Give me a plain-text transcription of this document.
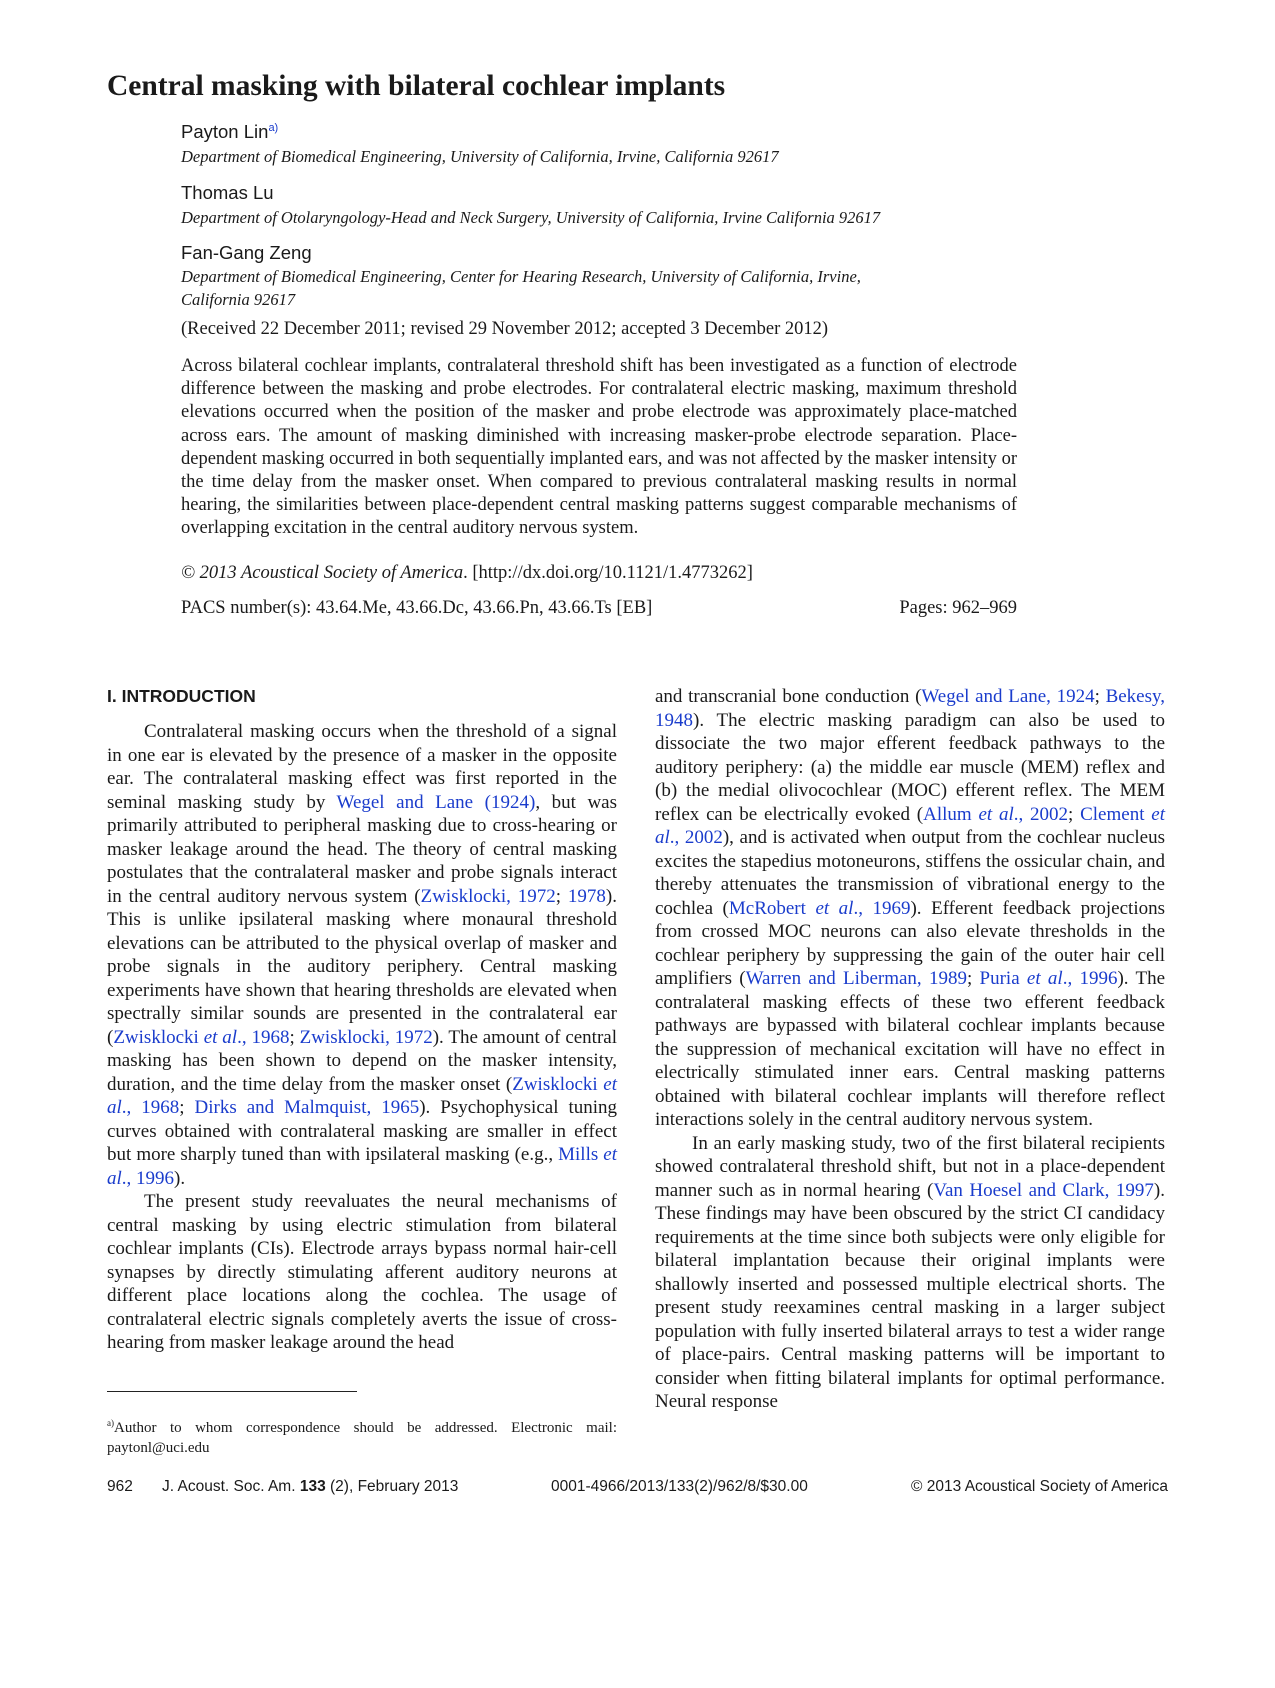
Central masking with bilateral cochlear implants
Payton Lin$^{a)}$
Department of Biomedical Engineering, University of California, Irvine, California 92617
Thomas Lu
Department of Otolaryngology-Head and Neck Surgery, University of California, Irvine California 92617
Fan-Gang Zeng
Department of Biomedical Engineering, Center for Hearing Research, University of California, Irvine, California 92617
(Received 22 December 2011; revised 29 November 2012; accepted 3 December 2012)
Across bilateral cochlear implants, contralateral threshold shift has been investigated as a function of electrode difference between the masking and probe electrodes. For contralateral electric masking, maximum threshold elevations occurred when the position of the masker and probe electrode was approximately place-matched across ears. The amount of masking diminished with increasing masker-probe electrode separation. Place-dependent masking occurred in both sequentially implanted ears, and was not affected by the masker intensity or the time delay from the masker onset. When compared to previous contralateral masking results in normal hearing, the similarities between place-dependent central masking patterns suggest comparable mechanisms of overlapping excitation in the central auditory nervous system.
© 2013 Acoustical Society of America. [http://dx.doi.org/10.1121/1.4773262]
PACS number(s): 43.64.Me, 43.66.Dc, 43.66.Pn, 43.66.Ts [EB]	Pages: 962–969
I. INTRODUCTION

Contralateral masking occurs when the threshold of a signal in one ear is elevated by the presence of a masker in the opposite ear. The contralateral masking effect was first reported in the seminal masking study by Wegel and Lane (1924), but was primarily attributed to peripheral masking due to cross-hearing or masker leakage around the head. The theory of central masking postulates that the contralateral masker and probe signals interact in the central auditory nervous system (Zwisklocki, 1972; 1978). This is unlike ipsilateral masking where monaural threshold elevations can be attributed to the physical overlap of masker and probe signals in the auditory periphery. Central masking experiments have shown that hearing thresholds are elevated when spectrally similar sounds are presented in the contralateral ear (Zwisklocki et al., 1968; Zwisklocki, 1972). The amount of central masking has been shown to depend on the masker intensity, duration, and the time delay from the masker onset (Zwisklocki et al., 1968; Dirks and Malmquist, 1965). Psychophysical tuning curves obtained with contralateral masking are smaller in effect but more sharply tuned than with ipsilateral masking (e.g., Mills et al., 1996).

The present study reevaluates the neural mechanisms of central masking by using electric stimulation from bilateral cochlear implants (CIs). Electrode arrays bypass normal hair-cell synapses by directly stimulating afferent auditory neurons at different place locations along the cochlea. The usage of contralateral electric signals completely averts the issue of cross-hearing from masker leakage around the head

and transcranial bone conduction (Wegel and Lane, 1924; Bekesy, 1948). The electric masking paradigm can also be used to dissociate the two major efferent feedback pathways to the auditory periphery: (a) the middle ear muscle (MEM) reflex and (b) the medial olivocochlear (MOC) efferent reflex. The MEM reflex can be electrically evoked (Allum et al., 2002; Clement et al., 2002), and is activated when output from the cochlear nucleus excites the stapedius motoneurons, stiffens the ossicular chain, and thereby attenuates the transmission of vibrational energy to the cochlea (McRobert et al., 1969). Efferent feedback projections from crossed MOC neurons can also elevate thresholds in the cochlear periphery by suppressing the gain of the outer hair cell amplifiers (Warren and Liberman, 1989; Puria et al., 1996). The contralateral masking effects of these two efferent feedback pathways are bypassed with bilateral cochlear implants because the suppression of mechanical excitation will have no effect in electrically stimulated inner ears. Central masking patterns obtained with bilateral cochlear implants will therefore reflect interactions solely in the central auditory nervous system.

In an early masking study, two of the first bilateral recipients showed contralateral threshold shift, but not in a place-dependent manner such as in normal hearing (Van Hoesel and Clark, 1997). These findings may have been obscured by the strict CI candidacy requirements at the time since both subjects were only eligible for bilateral implantation because their original implants were shallowly inserted and possessed multiple electrical shorts. The present study reexamines central masking in a larger subject population with fully inserted bilateral arrays to test a wider range of place-pairs. Central masking patterns will be important to consider when fitting bilateral implants for optimal performance. Neural response

$^{a)}$Author to whom correspondence should be addressed. Electronic mail: paytonl@uci.edu
962 J. Acoust. Soc. Am. 133 (2), February 2013	0001-4966/2013/133(2)/962/8/$30.00	© 2013 Acoustical Society of America
